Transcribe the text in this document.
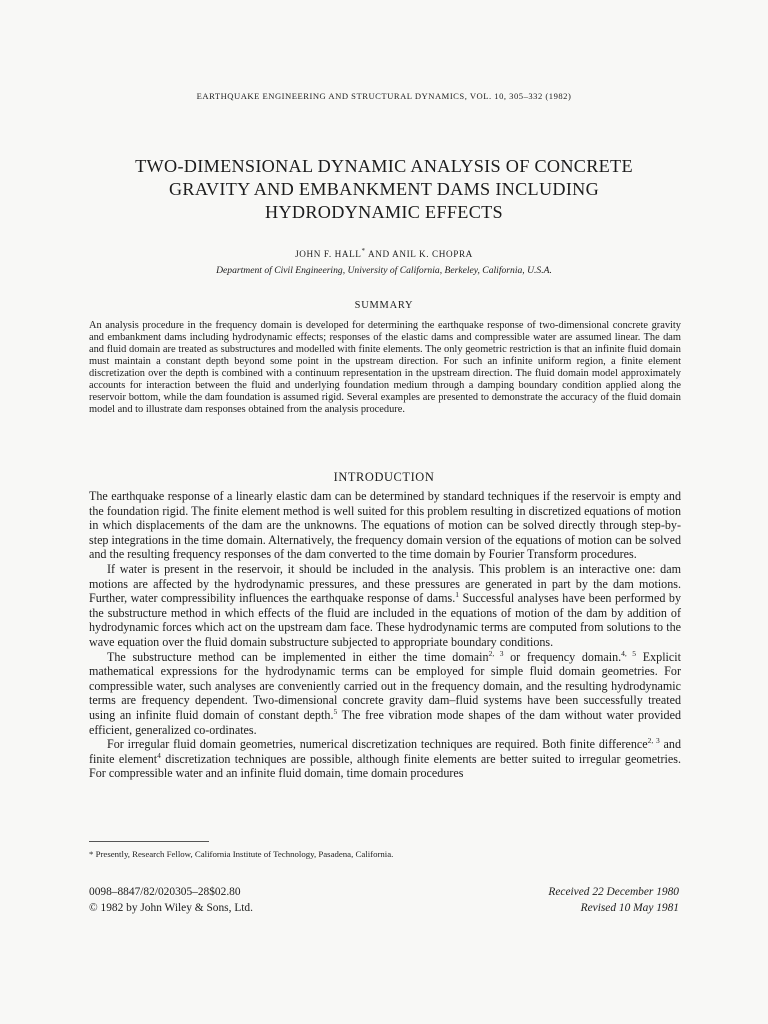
EARTHQUAKE ENGINEERING AND STRUCTURAL DYNAMICS, VOL. 10, 305–332 (1982)
TWO-DIMENSIONAL DYNAMIC ANALYSIS OF CONCRETE
GRAVITY AND EMBANKMENT DAMS INCLUDING
HYDRODYNAMIC EFFECTS
JOHN F. HALL* AND ANIL K. CHOPRA
Department of Civil Engineering, University of California, Berkeley, California, U.S.A.
SUMMARY
An analysis procedure in the frequency domain is developed for determining the earthquake response of two-dimensional concrete gravity and embankment dams including hydrodynamic effects; responses of the elastic dams and compressible water are assumed linear. The dam and fluid domain are treated as substructures and modelled with finite elements. The only geometric restriction is that an infinite fluid domain must maintain a constant depth beyond some point in the upstream direction. For such an infinite uniform region, a finite element discretization over the depth is combined with a continuum representation in the upstream direction. The fluid domain model approximately accounts for interaction between the fluid and underlying foundation medium through a damping boundary condition applied along the reservoir bottom, while the dam foundation is assumed rigid. Several examples are presented to demonstrate the accuracy of the fluid domain model and to illustrate dam responses obtained from the analysis procedure.
INTRODUCTION

The earthquake response of a linearly elastic dam can be determined by standard techniques if the reservoir is empty and the foundation rigid. The finite element method is well suited for this problem resulting in discretized equations of motion in which displacements of the dam are the unknowns. The equations of motion can be solved directly through step-by-step integrations in the time domain. Alternatively, the frequency domain version of the equations of motion can be solved and the resulting frequency responses of the dam converted to the time domain by Fourier Transform procedures.

If water is present in the reservoir, it should be included in the analysis. This problem is an interactive one: dam motions are affected by the hydrodynamic pressures, and these pressures are generated in part by the dam motions. Further, water compressibility influences the earthquake response of dams.$^1$ Successful analyses have been performed by the substructure method in which effects of the fluid are included in the equations of motion of the dam by addition of hydrodynamic forces which act on the upstream dam face. These hydrodynamic terms are computed from solutions to the wave equation over the fluid domain substructure subjected to appropriate boundary conditions.

The substructure method can be implemented in either the time domain$^{2, 3}$ or frequency domain.$^{4, 5}$ Explicit mathematical expressions for the hydrodynamic terms can be employed for simple fluid domain geometries. For compressible water, such analyses are conveniently carried out in the frequency domain, and the resulting hydrodynamic terms are frequency dependent. Two-dimensional concrete gravity dam–fluid systems have been successfully treated using an infinite fluid domain of constant depth.$^5$ The free vibration mode shapes of the dam without water provided efficient, generalized co-ordinates.

For irregular fluid domain geometries, numerical discretization techniques are required. Both finite difference$^{2, 3}$ and finite element$^4$ discretization techniques are possible, although finite elements are better suited to irregular geometries. For compressible water and an infinite fluid domain, time domain procedures

* Presently, Research Fellow, California Institute of Technology, Pasadena, California.
0098–8847/82/020305–28$02.80
© 1982 by John Wiley & Sons, Ltd.
Received 22 December 1980
Revised 10 May 1981
